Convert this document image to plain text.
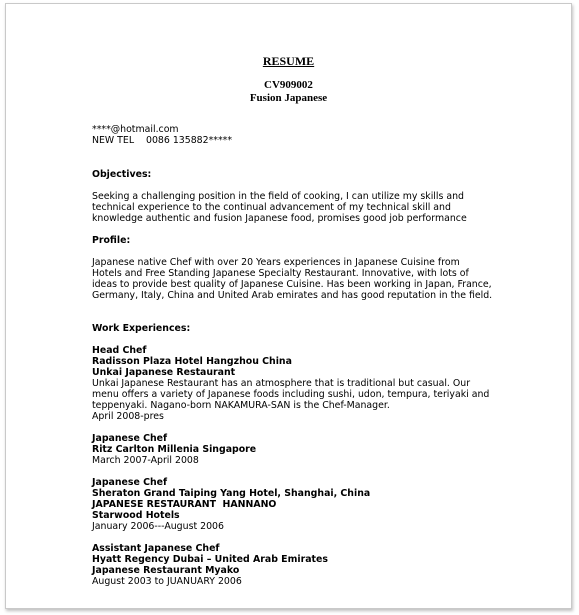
RESUME
CV909002
Fusion Japanese
****@hotmail.com
NEW TEL    0086 135882*****
Objectives:
Seeking a challenging position in the field of cooking, I can utilize my skills and
technical experience to the continual advancement of my technical skill and
knowledge authentic and fusion Japanese food, promises good job performance
Profile:
Japanese native Chef with over 20 Years experiences in Japanese Cuisine from
Hotels and Free Standing Japanese Specialty Restaurant. Innovative, with lots of
ideas to provide best quality of Japanese Cuisine. Has been working in Japan, France,
Germany, Italy, China and United Arab emirates and has good reputation in the field.
Work Experiences:
Head Chef
Radisson Plaza Hotel Hangzhou China
Unkai Japanese Restaurant
Unkai Japanese Restaurant has an atmosphere that is traditional but casual. Our
menu offers a variety of Japanese foods including sushi, udon, tempura, teriyaki and
teppenyaki. Nagano-born NAKAMURA-SAN is the Chef-Manager.
April 2008-pres
Japanese Chef
Ritz Carlton Millenia Singapore
March 2007-April 2008
Japanese Chef
Sheraton Grand Taiping Yang Hotel, Shanghai, China
JAPANESE RESTAURANT  HANNANO
Starwood Hotels
January 2006---August 2006
Assistant Japanese Chef
Hyatt Regency Dubai – United Arab Emirates
Japanese Restaurant Myako
August 2003 to JUANUARY 2006
